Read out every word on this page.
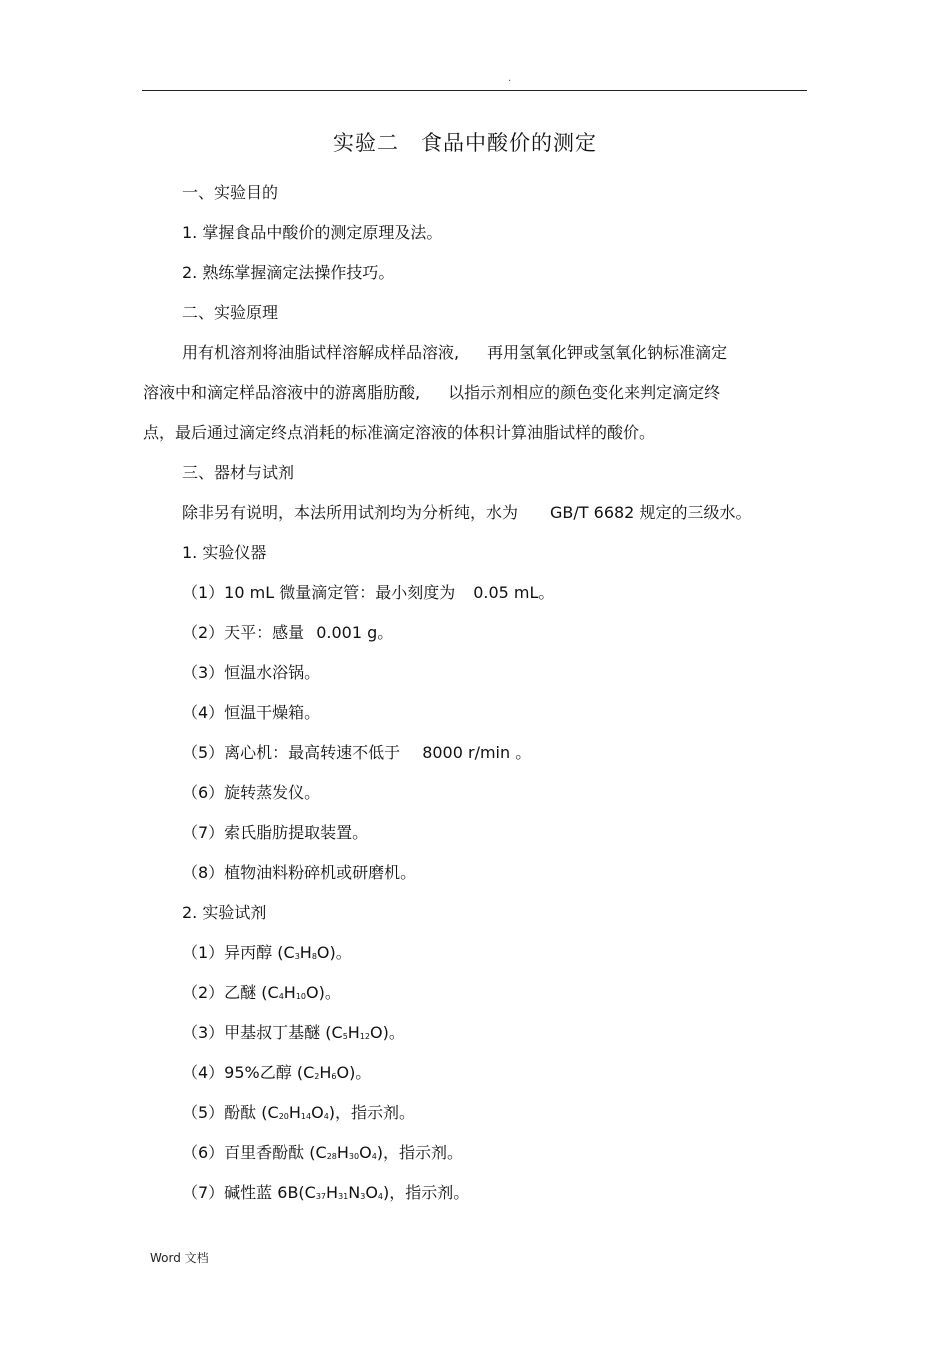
.
实验二　食品中酸价的测定
一、实验目的
1. 掌握食品中酸价的测定原理及法。
2. 熟练掌握滴定法操作技巧。
二、实验原理
用有机溶剂将油脂试样溶解成样品溶液, 再用氢氧化钾或氢氧化钠标准滴定
溶液中和滴定样品溶液中的游离脂肪酸, 以指示剂相应的颜色变化来判定滴定终
点，最后通过滴定终点消耗的标准滴定溶液的体积计算油脂试样的酸价。
三、器材与试剂
除非另有说明，本法所用试剂均为分析纯，水为 GB/T 6682 规定的三级水。
1. 实验仪器
（1）10 mL 微量滴定管：最小刻度为 0.05 mL。
（2）天平：感量 0.001 g。
（3）恒温水浴锅。
（4）恒温干燥箱。
（5）离心机：最高转速不低于 8000 r/min 。
（6）旋转蒸发仪。
（7）索氏脂肪提取装置。
（8）植物油料粉碎机或研磨机。
2. 实验试剂
（1）异丙醇 $(C_3H_8O)$。
（2）乙醚 $(C_4H_{10}O)$。
（3）甲基叔丁基醚 $(C_5H_{12}O)$。
（4）95%乙醇 $(C_2H_6O)$。
（5）酚酞 $(C_{20}H_{14}O_4)$，指示剂。
（6）百里香酚酞 $(C_{28}H_{30}O_4)$，指示剂。
（7）碱性蓝 $6B(C_{37}H_{31}N_3O_4)$，指示剂。
Word 文档
